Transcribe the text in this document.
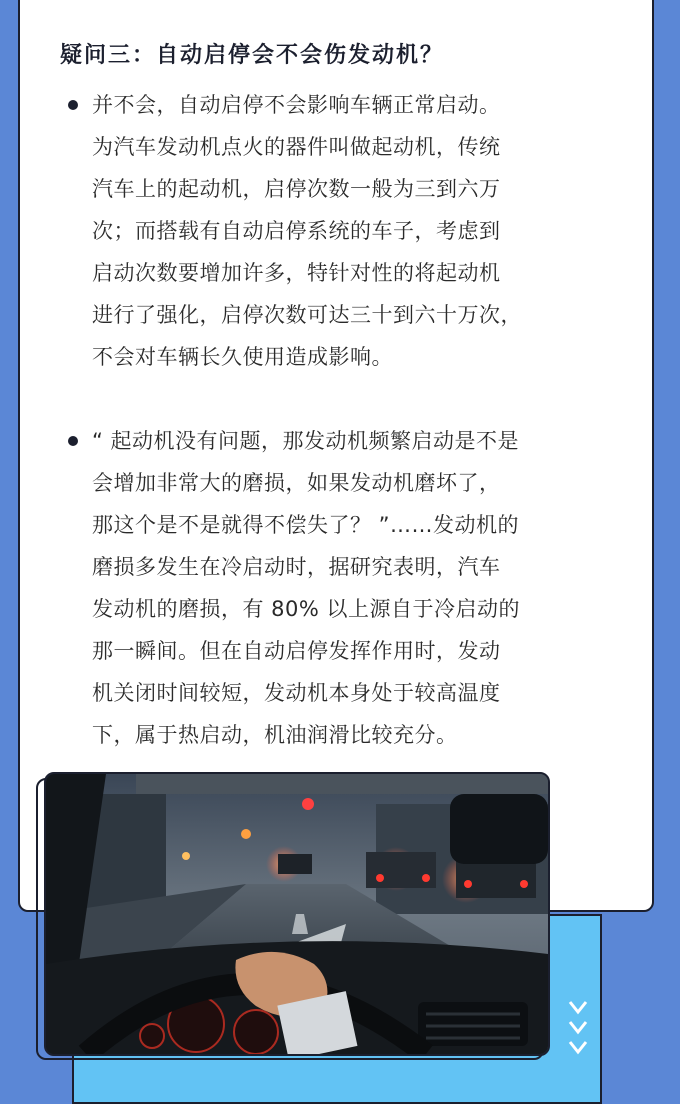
疑问三：自动启停会不会伤发动机？

并不会，自动启停不会影响车辆正常启动。
为汽车发动机点火的器件叫做起动机，传统
汽车上的起动机，启停次数一般为三到六万
次；而搭载有自动启停系统的车子，考虑到
启动次数要增加许多，特针对性的将起动机
进行了强化，启停次数可达三十到六十万次，
不会对车辆长久使用造成影响。

“ 起动机没有问题，那发动机频繁启动是不是
会增加非常大的磨损，如果发动机磨坏了，
那这个是不是就得不偿失了？ ”……发动机的
磨损多发生在冷启动时，据研究表明，汽车
发动机的磨损，有 80% 以上源自于冷启动的
那一瞬间。但在自动启停发挥作用时，发动
机关闭时间较短，发动机本身处于较高温度
下，属于热启动，机油润滑比较充分。
